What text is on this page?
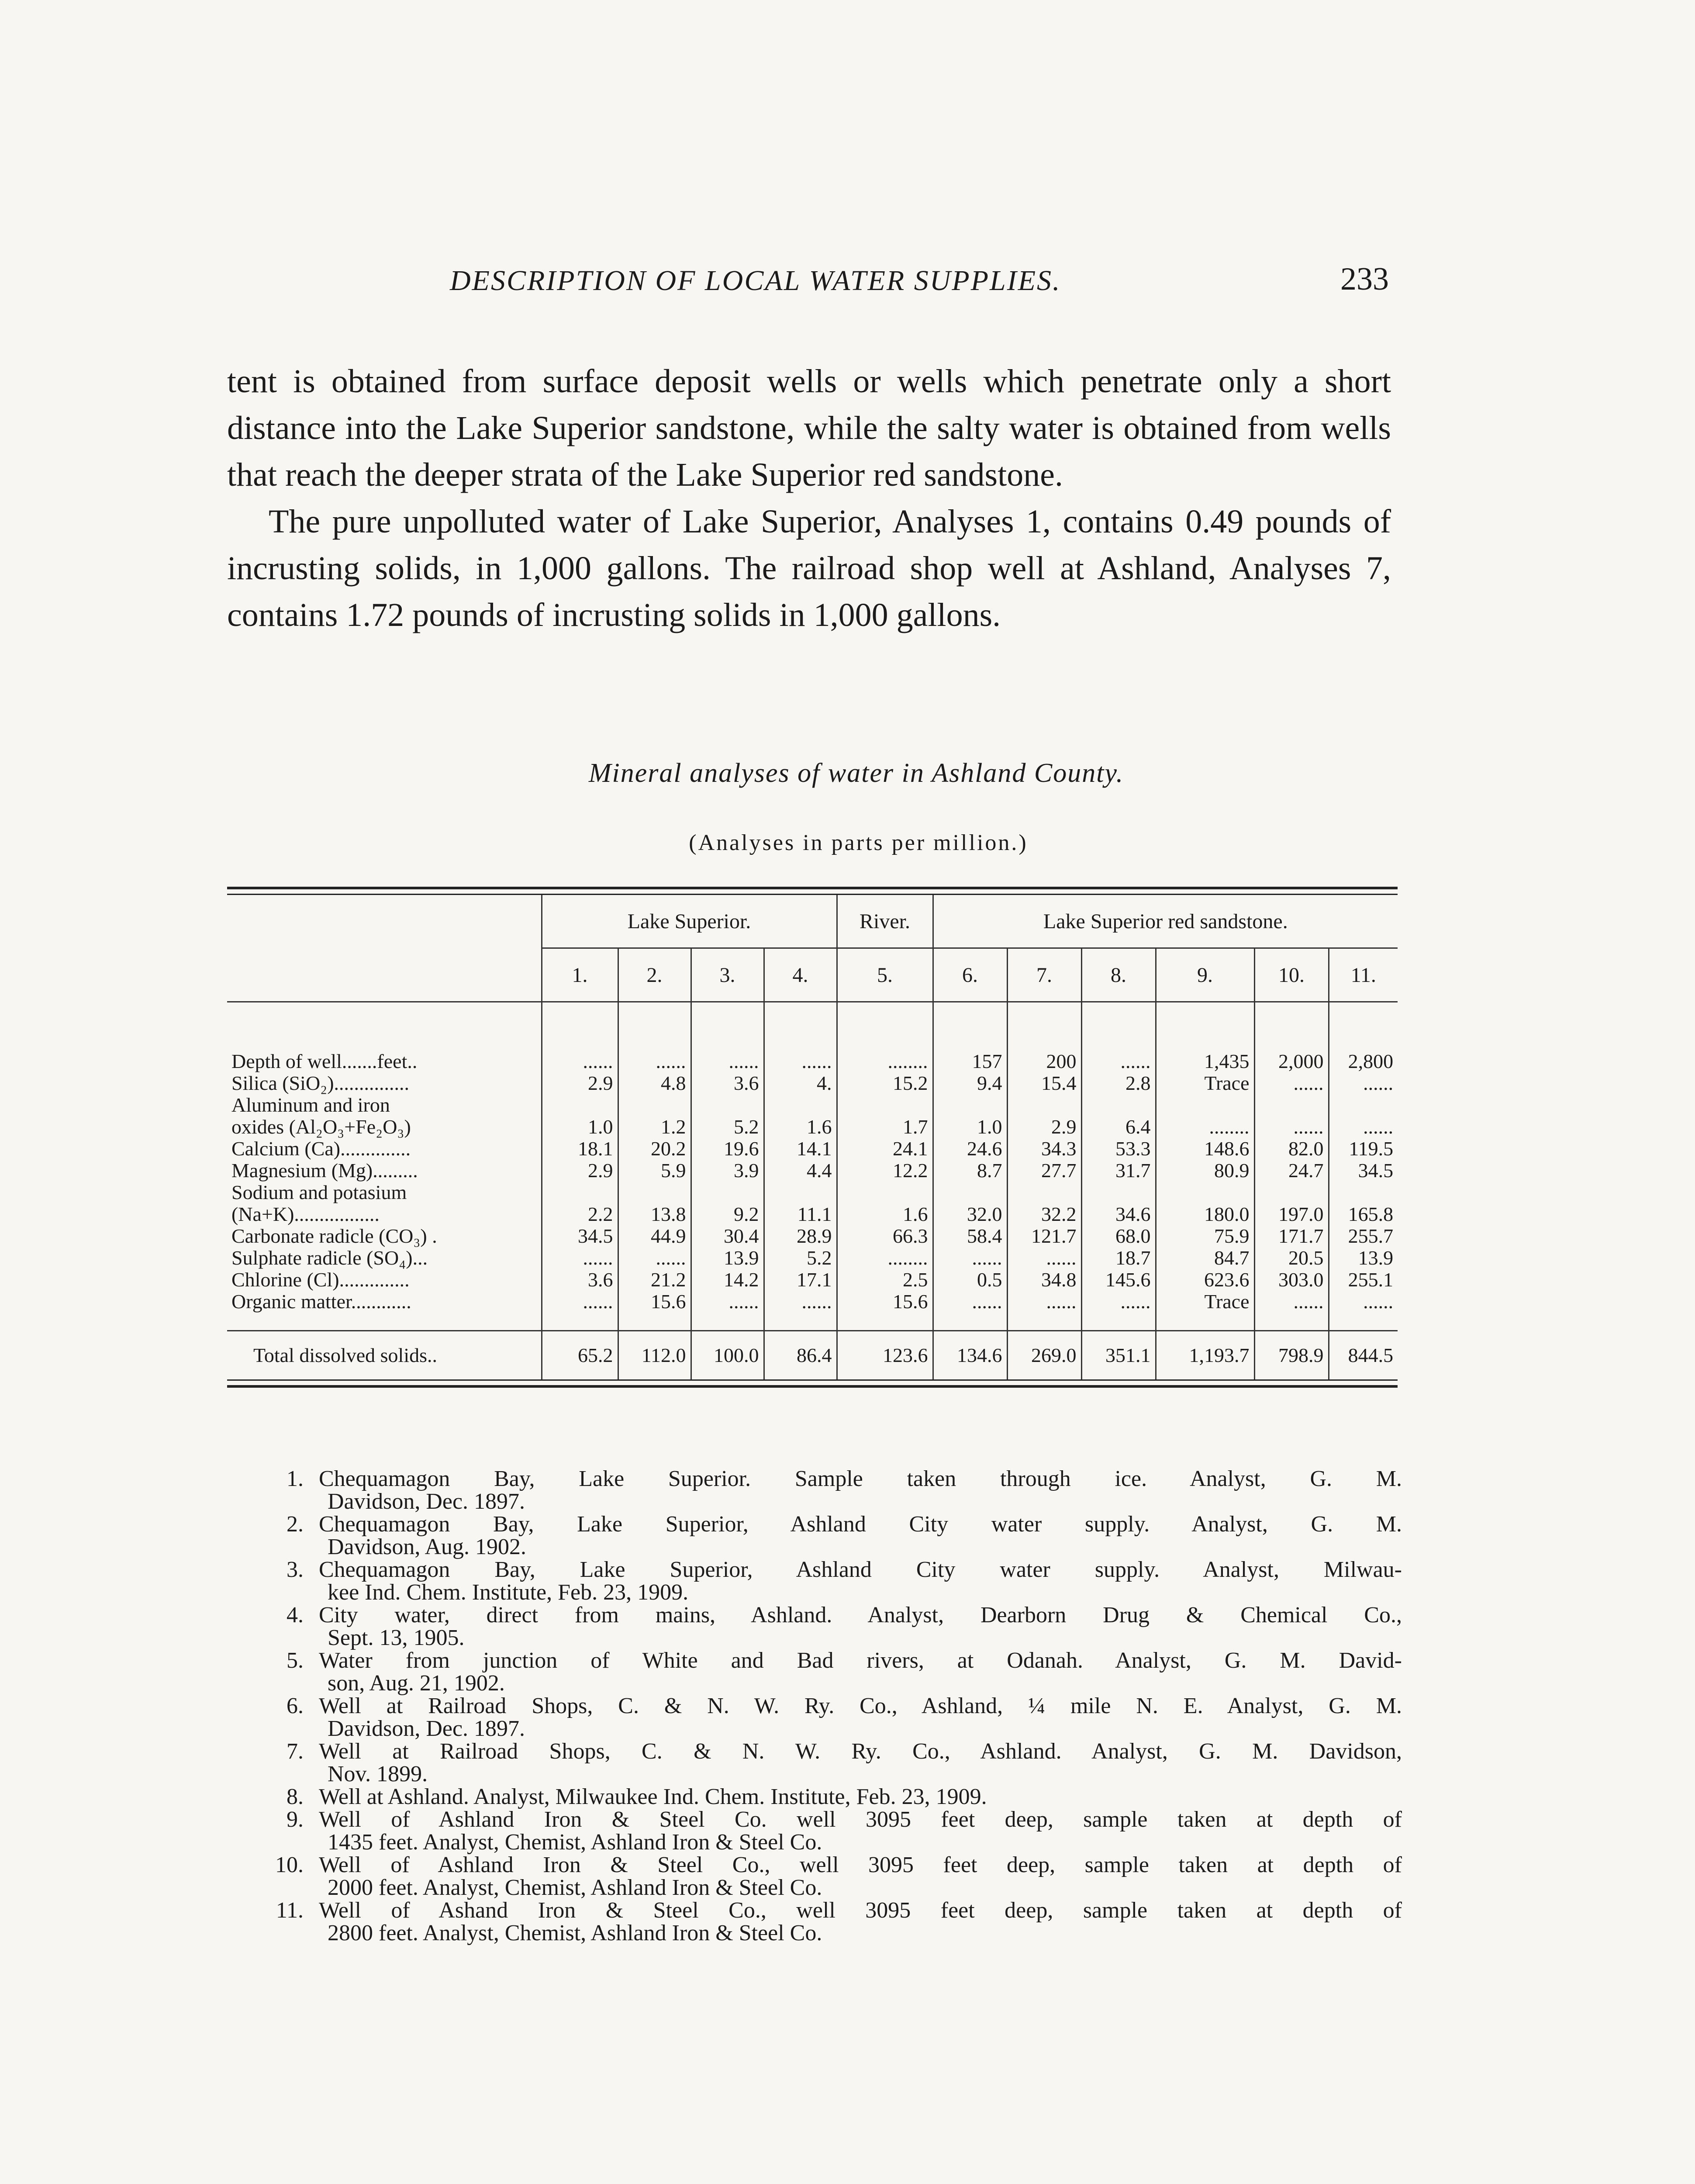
DESCRIPTION OF LOCAL WATER SUPPLIES.	233

tent is obtained from surface deposit wells or wells which penetrate only a short distance into the Lake Superior sandstone, while the salty water is obtained from wells that reach the deeper strata of the Lake Superior red sandstone.

The pure unpolluted water of Lake Superior, Analyses 1, contains 0.49 pounds of incrusting solids, in 1,000 gallons. The railroad shop well at Ashland, Analyses 7, contains 1.72 pounds of incrusting solids in 1,000 gallons.

Mineral analyses of water in Ashland County.
(Analyses in parts per million.)
	Lake Superior.				River.	Lake Superior red sandstone.					
	1.	2.	3.	4.	5.	6.	7.	8.	9.	10.	11.

Depth of well.......feet..	......	......	......	......	........	157	200	......	1,435	2,000	2,800
Silica (SiO₂)...............	2.9	4.8	3.6	4.	15.2	9.4	15.4	2.8	Trace	......	......
Aluminum and iron											
oxides (Al₂O₃+Fe₂O₃)	1.0	1.2	5.2	1.6	1.7	1.0	2.9	6.4	........	......	......
Calcium (Ca)..............	18.1	20.2	19.6	14.1	24.1	24.6	34.3	53.3	148.6	82.0	119.5
Magnesium (Mg).........	2.9	5.9	3.9	4.4	12.2	8.7	27.7	31.7	80.9	24.7	34.5
Sodium and potasium											
(Na+K).................	2.2	13.8	9.2	11.1	1.6	32.0	32.2	34.6	180.0	197.0	165.8
Carbonate radicle (CO₃) .	34.5	44.9	30.4	28.9	66.3	58.4	121.7	68.0	75.9	171.7	255.7
Sulphate radicle (SO₄)...	......	......	13.9	5.2	........	......	......	18.7	84.7	20.5	13.9
Chlorine (Cl)..............	3.6	21.2	14.2	17.1	2.5	0.5	34.8	145.6	623.6	303.0	255.1
Organic matter............	......	15.6	......	......	15.6	......	......	......	Trace	......	......

Total dissolved solids..	65.2	112.0	100.0	86.4	123.6	134.6	269.0	351.1	1,193.7	798.9	844.5
1. Chequamagon Bay, Lake Superior. Sample taken through ice. Analyst, G. M.
Davidson, Dec. 1897.
2. Chequamagon Bay, Lake Superior, Ashland City water supply. Analyst, G. M.
Davidson, Aug. 1902.
3. Chequamagon Bay, Lake Superior, Ashland City water supply. Analyst, Milwau-
kee Ind. Chem. Institute, Feb. 23, 1909.
4. City water, direct from mains, Ashland. Analyst, Dearborn Drug & Chemical Co.,
Sept. 13, 1905.
5. Water from junction of White and Bad rivers, at Odanah. Analyst, G. M. David-
son, Aug. 21, 1902.
6. Well at Railroad Shops, C. & N. W. Ry. Co., Ashland, ¼ mile N. E. Analyst, G. M.
Davidson, Dec. 1897.
7. Well at Railroad Shops, C. & N. W. Ry. Co., Ashland. Analyst, G. M. Davidson,
Nov. 1899.
8. Well at Ashland. Analyst, Milwaukee Ind. Chem. Institute, Feb. 23, 1909.
9. Well of Ashland Iron & Steel Co. well 3095 feet deep, sample taken at depth of
1435 feet. Analyst, Chemist, Ashland Iron & Steel Co.
10. Well of Ashland Iron & Steel Co., well 3095 feet deep, sample taken at depth of
2000 feet. Analyst, Chemist, Ashland Iron & Steel Co.
11. Well of Ashand Iron & Steel Co., well 3095 feet deep, sample taken at depth of
2800 feet. Analyst, Chemist, Ashland Iron & Steel Co.
